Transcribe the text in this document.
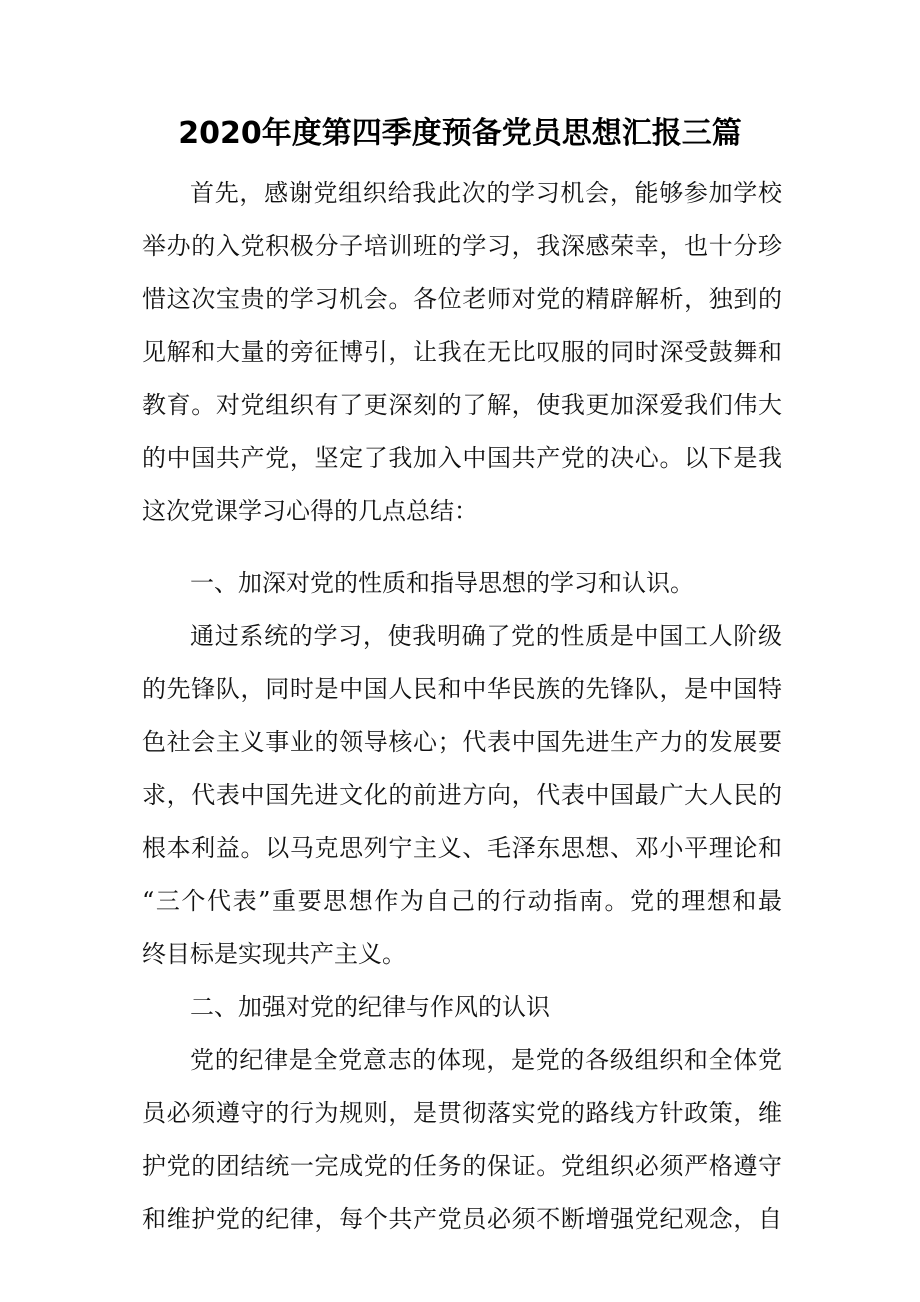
2020年度第四季度预备党员思想汇报三篇
首先，感谢党组织给我此次的学习机会，能够参加学校
举办的入党积极分子培训班的学习，我深感荣幸，也十分珍
惜这次宝贵的学习机会。各位老师对党的精辟解析，独到的
见解和大量的旁征博引，让我在无比叹服的同时深受鼓舞和
教育。对党组织有了更深刻的了解，使我更加深爱我们伟大
的中国共产党，坚定了我加入中国共产党的决心。以下是我
这次党课学习心得的几点总结：
一、加深对党的性质和指导思想的学习和认识。
通过系统的学习，使我明确了党的性质是中国工人阶级
的先锋队，同时是中国人民和中华民族的先锋队，是中国特
色社会主义事业的领导核心；代表中国先进生产力的发展要
求，代表中国先进文化的前进方向，代表中国最广大人民的
根本利益。以马克思列宁主义、毛泽东思想、邓小平理论和
“三个代表”重要思想作为自己的行动指南。党的理想和最
终目标是实现共产主义。
二、加强对党的纪律与作风的认识
党的纪律是全党意志的体现，是党的各级组织和全体党
员必须遵守的行为规则，是贯彻落实党的路线方针政策，维
护党的团结统一完成党的任务的保证。党组织必须严格遵守
和维护党的纪律，每个共产党员必须不断增强党纪观念，自
